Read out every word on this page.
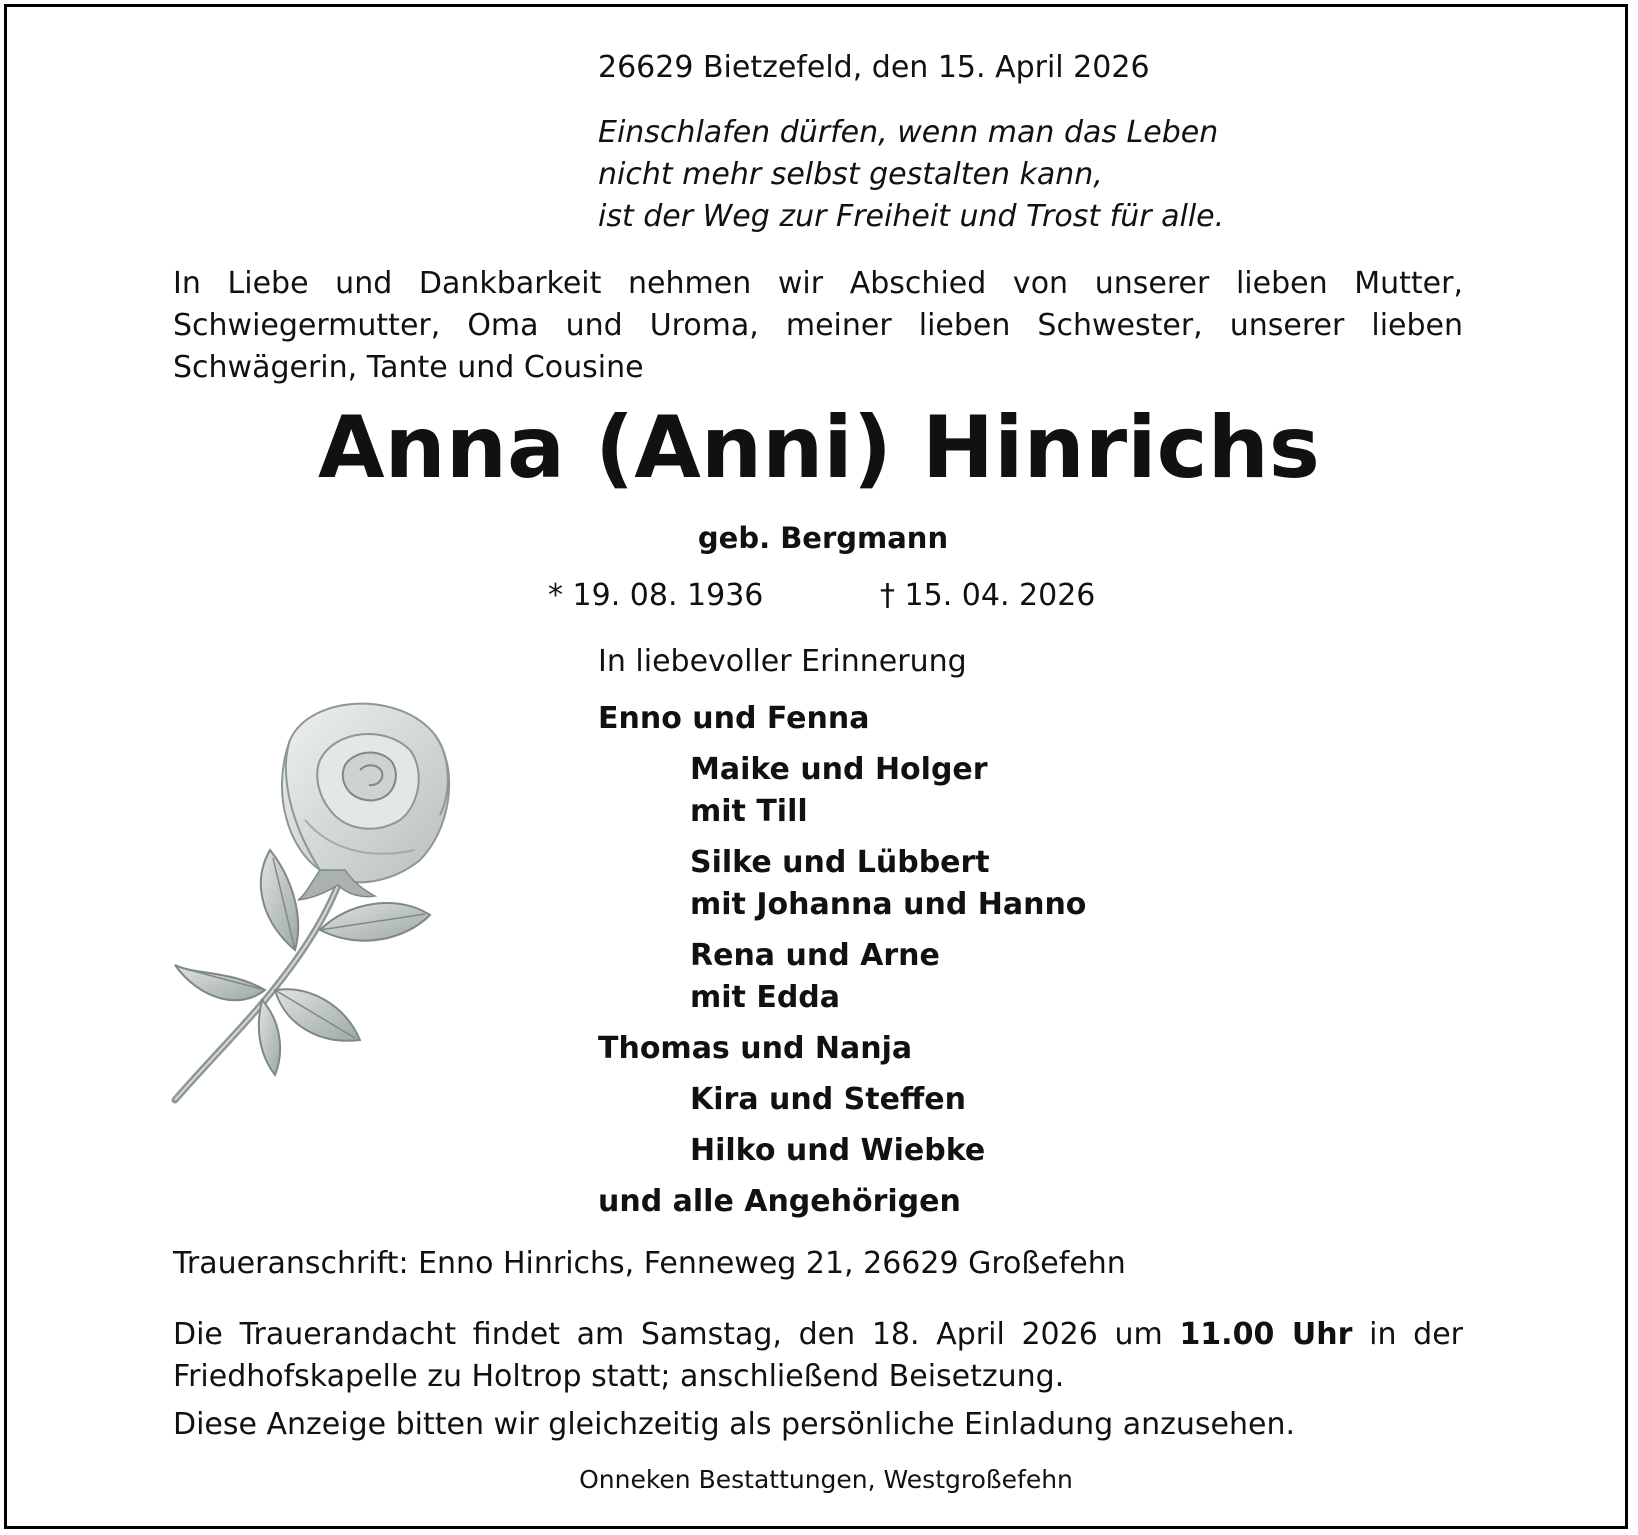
26629 Bietzefeld, den 15. April 2026
Einschlafen dürfen, wenn man das Leben
nicht mehr selbst gestalten kann,
ist der Weg zur Freiheit und Trost für alle.
In Liebe und Dankbarkeit nehmen wir Abschied von unserer lieben Mutter,
Schwiegermutter, Oma und Uroma, meiner lieben Schwester, unserer lieben
Schwägerin, Tante und Cousine
Anna (Anni) Hinrichs
geb. Bergmann
* 19. 08. 1936	† 15. 04. 2026
In liebevoller Erinnerung
Enno und Fenna
Maike und Holger
mit Till
Silke und Lübbert
mit Johanna und Hanno
Rena und Arne
mit Edda
Thomas und Nanja
Kira und Steffen
Hilko und Wiebke
und alle Angehörigen
Traueranschrift: Enno Hinrichs, Fenneweg 21, 26629 Großefehn
Die Trauerandacht findet am Samstag, den 18. April 2026 um 11.00 Uhr in der
Friedhofskapelle zu Holtrop statt; anschließend Beisetzung.
Diese Anzeige bitten wir gleichzeitig als persönliche Einladung anzusehen.
Onneken Bestattungen, Westgroßefehn
